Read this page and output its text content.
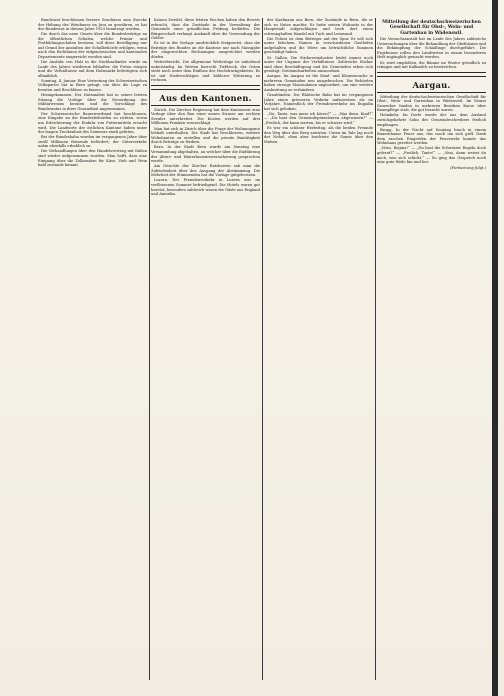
Bundesrat beschlossen fernere Zuschüsse zum Zwecke der Hebung des Weinbaues im Jura zu gewähren, es hat der Bundesrat in diesem Jahre 1923 beantragt worden.

Die durch das neue Gesetz über die Bundesbeiträge an die öffentlichen Schulen, welche Primär- und Fortbildungsschulen besitzen, soll diese Bewilligung nur auf Grund der Anstalten der Schulbehörde erfolgen, wenn nach den Richtlinien der eidgenössischen und kantonalen Departemente eingereicht worden sind.

Die Ausfuhr von Holz in die Nachbarländer wurde im Laufe des Jahres wiederum lebhafter, die Preise stiegen und die Verhältnisse auf dem Holzmarkt befestigten sich allmählich.

Sonntag, 4. Januar. Eine Vertretung der Schweizerischen Volkspartei hat in Bern getagt, um über die Lage zu beraten und Beschlüsse zu fassen.

Heimgekommen. Der Nationalrat hat in seiner letzten Sitzung die Vorlage über die Neuordnung des Militärwesens beraten und die Vorschläge des Bundesrates in ihrer Gesamtheit angenommen.

Der Schweizerische Bauernverband hat beschlossen, eine Eingabe an die Bundesbehörden zu richten, worin um Erleichterung der Einfuhr von Futtermitteln ersucht wird. Die Landwirte der östlichen Kantone haben unter der langen Trockenheit des Sommers stark gelitten.

Bei der Bundesbahn wurden im vergangenen Jahre über zwölf Millionen Reisende befördert; der Güterverkehr nahm ebenfalls erheblich zu.

Die Verhandlungen über den Handelsvertrag mit Italien sind wieder aufgenommen worden. Man hofft, dass eine Einigung über die Zollansätze für Käse, Vieh und Wein bald zustande kommt.

Keinen Zweifel, diese letzten Wochen haben den Beweis erbracht, dass die Zustände in der Verwaltung der Gemeinde einer gründlichen Prüfung bedürfen. Die Bürgerschaft verlangt Auskunft über die Verwendung der Gelder.

Es ist in der Vorlage ausdrücklich festgesetzt, dass die Beiträge des Bundes an die Kantone nur nach Massgabe der eingereichten Rechnungen ausgerichtet werden dürfen.

Wetterbericht. Die allgemeine Wetterlage ist anhaltend unbeständig. Im Westen herrscht Tiefdruck, der Osten steht noch unter dem Einfluss des Hochdruckgebietes. Es ist mit Niederschlägen und kühlerer Witterung zu rechnen.

Aus den Kantonen.

Zürich. Die Zürcher Regierung hat dem Kantonsrat eine Vorlage über den Bau einer neuen Strasse am rechten Seeufer unterbreitet. Die Kosten werden auf drei Millionen Franken veranschlagt.

Man hat sich in Zürich über die Frage der Wohnungsnot lebhaft unterhalten. Die Stadt hat beschlossen, weitere Wohnbauten zu erstellen und die private Bautätigkeit durch Beiträge zu fördern.

Bern. In der Stadt Bern wurde am Sonntag eine Versammlung abgehalten, an welcher über die Einführung der Alters- und Hinterlassenenversicherung gesprochen wurde.

Am Gesichte der Zürcher Ratsherren sah man die Zufriedenheit über den Ausgang der Abstimmung. Die Mehrheit der Stimmenden hat die Vorlage gutgeheissen.

Luzern. Der Fremdenverkehr in Luzern war im verflossenen Sommer befriedigend. Die Hotels waren gut besetzt, besonders zahlreich waren die Gäste aus England und Amerika.

der Kaufmann aus Bern, der Zustände in Bern, die er sich zu Nutze machte. Er hatte seinen Wohnsitz in der Hauptstadt aufgeschlagen und trieb dort einen schwunghaften Handel mit Tuch und Leinwand.

Die Polizei ist dem Betrüger auf der Spur. Er soll sich unter falschem Namen in verschiedenen Gasthöfen aufgehalten und die Wirte um beträchtliche Summen geschädigt haben.

St. Gallen. Die Stickereiindustrie leidet immer noch unter der Ungunst der Verhältnisse. Zahlreiche Sticker sind ohne Beschäftigung und die Gemeinden sehen sich genötigt, Notstandsarbeiten anzuordnen.

Aargau. Im Aargau ist die Maul- und Klauenseuche in mehreren Gemeinden neu ausgebrochen. Die Behörden haben strenge Massnahmen angeordnet, um eine weitere Ausbreitung zu verhindern.

Graubünden. Die Rhätische Bahn hat im vergangenen Jahre einen grösseren Verkehr aufzuweisen als im Vorjahre. Namentlich der Fremdenverkehr ins Engadin hat sich gehoben.

„Nu, Tante, was muss ich hören?“ — „Was denn, Kind?“ — „Du hast den Gemeindepräsidenten abgewiesen?“ — „Freilich, der kann warten, bis er schwarz wird.“

Es war ein schöner Herbsttag, als die beiden Freunde den Weg über den Berg antraten. Unten im Tale lag noch der Nebel, oben aber leuchtete die Sonne über den Matten.

Mitteilung der deutschschweizerischen Gesellschaft für Obst-, Wein- und Gartenbau in Wädenswil.

Die Versuchsanstalt hat im Laufe des Jahres zahlreiche Untersuchungen über die Behandlung der Obstbäume und die Bekämpfung der Schädlinge durchgeführt. Die Ergebnisse sollen den Landwirten in einem besonderen Heft zugänglich gemacht werden.

Es wird empfohlen, die Bäume im Winter gründlich zu reinigen und mit Kalkmilch zu bestreichen.

Aargau.

Mitteilung der deutschschweizerischen Gesellschaft für Obst-, Wein- und Gartenbau in Wädenswil. Im Monat Dezember fanden in mehreren Bezirken Kurse über Baumpflege statt, die gut besucht waren.

Heimkehr. Im Dorfe wurde der aus dem Ausland zurückgekehrte Sohn des Gemeindeschreibers festlich empfangen.

Brugg. In der Nacht auf Sonntag brach in einem Bauernhause Feuer aus, das rasch um sich griff. Dank dem raschen Eingreifen der Feuerwehr konnte das Wohnhaus gerettet werden.

„Nein, Regina!“ — „Du hast die Schweizer Regeln doch gelernt?“ — „Freilich, Tante!“ — „Nun, dann weisst du auch, was sich schickt.“ — So ging das Gespräch noch eine gute Weile hin und her.

(Fortsetzung folgt.)
